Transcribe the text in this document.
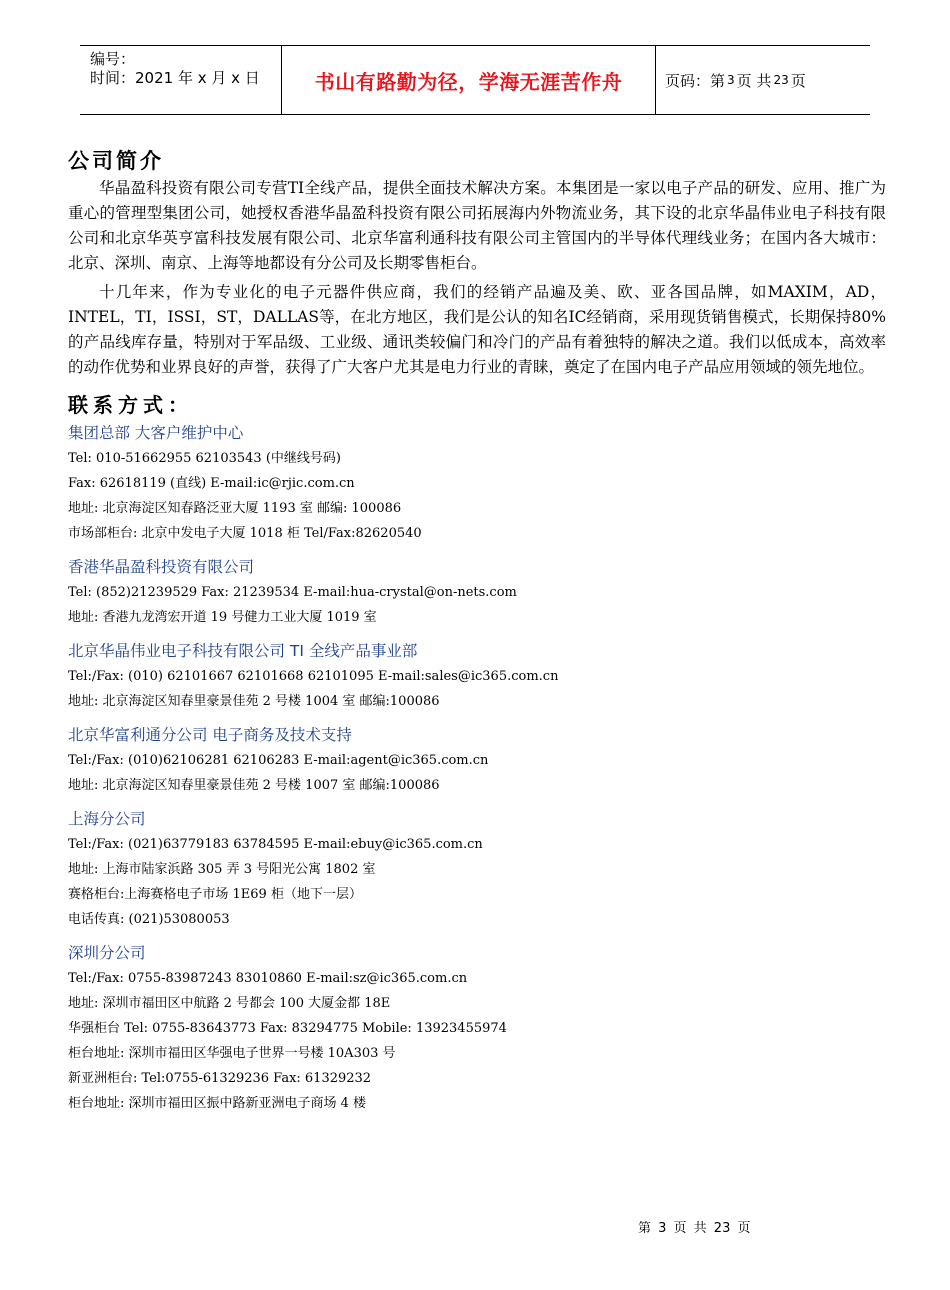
编号：
时间：2021 年 x 月 x 日	书山有路勤为径，学海无涯苦作舟	页码：第 3 页 共 23 页
公司简介

华晶盈科投资有限公司专营TI全线产品，提供全面技术解决方案。本集团是一家以电子产品的研发、应用、推广为重心的管理型集团公司，她授权香港华晶盈科投资有限公司拓展海内外物流业务，其下设的北京华晶伟业电子科技有限公司和北京华英亨富科技发展有限公司、北京华富利通科技有限公司主管国内的半导体代理线业务；在国内各大城市：北京、深圳、南京、上海等地都设有分公司及长期零售柜台。

十几年来，作为专业化的电子元器件供应商，我们的经销产品遍及美、欧、亚各国品牌，如MAXIM，AD，INTEL，TI，ISSI，ST，DALLAS等，在北方地区，我们是公认的知名IC经销商，采用现货销售模式，长期保持80%的产品线库存量，特别对于军品级、工业级、通讯类较偏门和冷门的产品有着独特的解决之道。我们以低成本，高效率的动作优势和业界良好的声誉，获得了广大客户尤其是电力行业的青睐，奠定了在国内电子产品应用领域的领先地位。

联系方式：
集团总部 大客户维护中心
Tel: 010-51662955 62103543 (中继线号码)
Fax: 62618119 (直线) E-mail:ic@rjic.com.cn
地址: 北京海淀区知春路泛亚大厦 1193 室 邮编: 100086
市场部柜台: 北京中发电子大厦 1018 柜 Tel/Fax:82620540
香港华晶盈科投资有限公司
Tel: (852)21239529 Fax: 21239534 E-mail:hua-crystal@on-nets.com
地址: 香港九龙湾宏开道 19 号健力工业大厦 1019 室
北京华晶伟业电子科技有限公司 TI 全线产品事业部
Tel:/Fax: (010) 62101667 62101668 62101095 E-mail:sales@ic365.com.cn
地址: 北京海淀区知春里豪景佳苑 2 号楼 1004 室 邮编:100086
北京华富利通分公司 电子商务及技术支持
Tel:/Fax: (010)62106281 62106283 E-mail:agent@ic365.com.cn
地址: 北京海淀区知春里豪景佳苑 2 号楼 1007 室 邮编:100086
上海分公司
Tel:/Fax: (021)63779183 63784595 E-mail:ebuy@ic365.com.cn
地址: 上海市陆家浜路 305 弄 3 号阳光公寓 1802 室
赛格柜台:上海赛格电子市场 1E69 柜（地下一层）
电话传真: (021)53080053
深圳分公司
Tel:/Fax: 0755-83987243 83010860 E-mail:sz@ic365.com.cn
地址: 深圳市福田区中航路 2 号都会 100 大厦金都 18E
华强柜台 Tel: 0755-83643773 Fax: 83294775 Mobile: 13923455974
柜台地址: 深圳市福田区华强电子世界一号楼 10A303 号
新亚洲柜台: Tel:0755-61329236 Fax: 61329232
柜台地址: 深圳市福田区振中路新亚洲电子商场 4 楼
第 3 页 共 23 页
